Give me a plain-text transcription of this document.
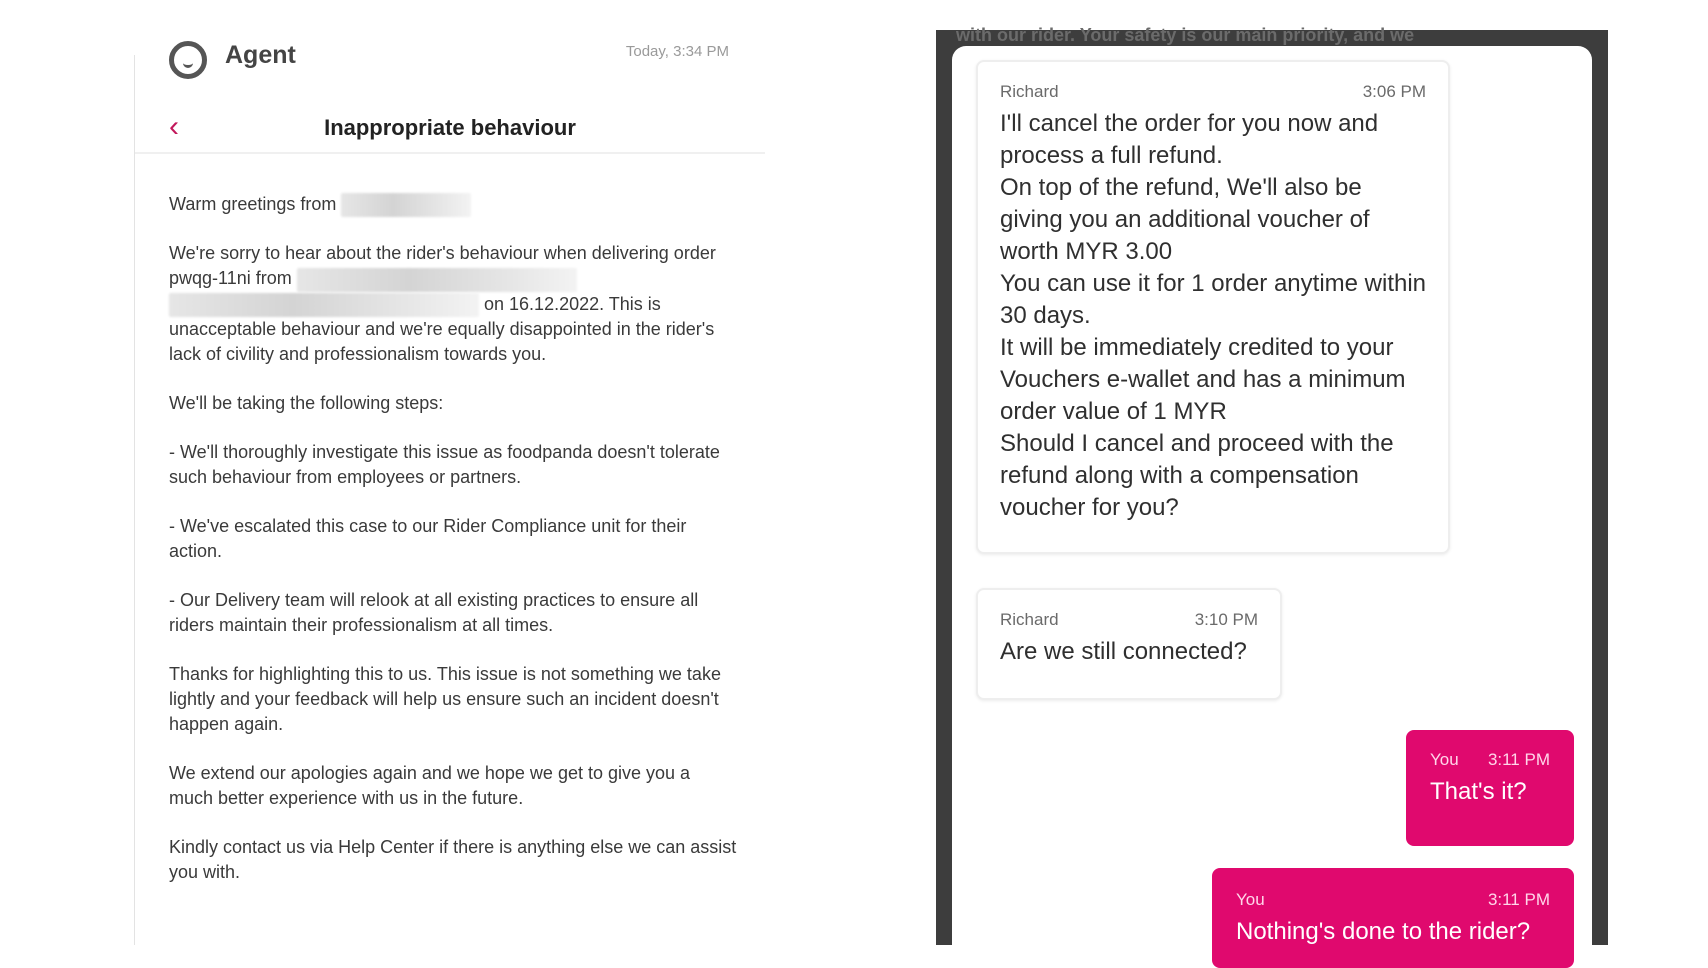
Agent	Today, 3:34 PM
‹	Inappropriate behaviour

Warm greetings from

We're sorry to hear about the rider's behaviour when delivering order pwqg-11ni from   on 16.12.2022. This is unacceptable behaviour and we're equally disappointed in the rider's lack of civility and professionalism towards you.

We'll be taking the following steps:

- We'll thoroughly investigate this issue as foodpanda doesn't tolerate such behaviour from employees or partners.

- We've escalated this case to our Rider Compliance unit for their action.

- Our Delivery team will relook at all existing practices to ensure all riders maintain their professionalism at all times.

Thanks for highlighting this to us. This issue is not something we take lightly and your feedback will help us ensure such an incident doesn't happen again.

We extend our apologies again and we hope we get to give you a much better experience with us in the future.

Kindly contact us via Help Center if there is anything else we can assist you with.

with our rider. Your safety is our main priority, and we
Richard	3:06 PM
I'll cancel the order for you now and process a full refund.
On top of the refund, We'll also be giving you an additional voucher of worth MYR 3.00
You can use it for 1 order anytime within 30 days.
It will be immediately credited to your Vouchers e-wallet and has a minimum order value of 1 MYR
Should I cancel and proceed with the refund along with a compensation voucher for you?
Richard	3:10 PM
Are we still connected?
You 3:11 PM
That's it?
You	3:11 PM
Nothing's done to the rider?
